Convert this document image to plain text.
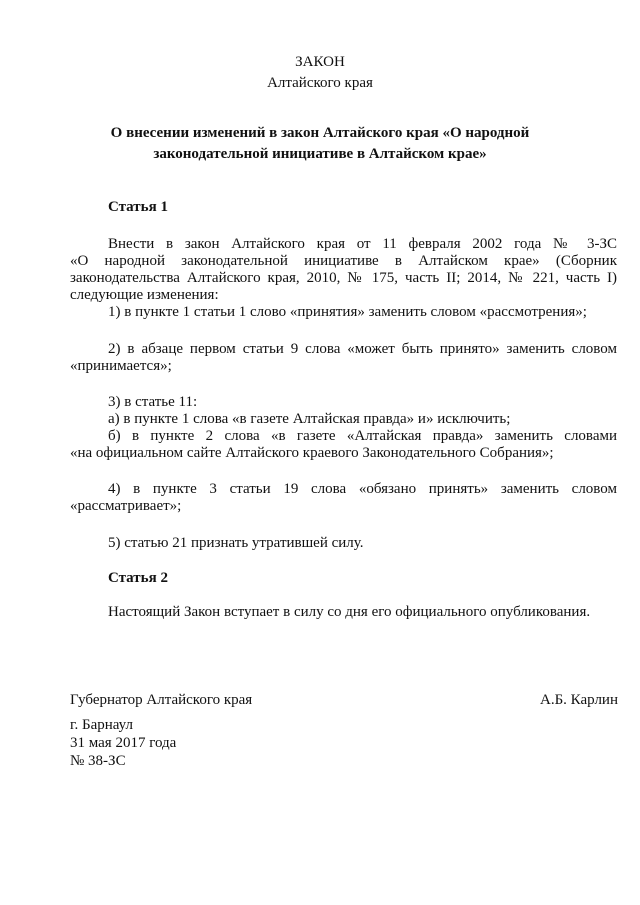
ЗАКОН
Алтайского края
О внесении изменений в закон Алтайского края «О народной
законодательной инициативе в Алтайском крае»
Статья 1
Внести в закон Алтайского края от 11 февраля 2002 года № 3-ЗС
«О народной законодательной инициативе в Алтайском крае» (Сборник
законодательства Алтайского края, 2010, № 175, часть II; 2014, № 221, часть I)
следующие изменения:
1) в пункте 1 статьи 1 слово «принятия» заменить словом «рассмотрения»;
2) в абзаце первом статьи 9 слова «может быть принято» заменить словом
«принимается»;
3) в статье 11:
а) в пункте 1 слова «в газете Алтайская правда» и» исключить;
б) в пункте 2 слова «в газете «Алтайская правда» заменить словами
«на официальном сайте Алтайского краевого Законодательного Собрания»;
4) в пункте 3 статьи 19 слова «обязано принять» заменить словом
«рассматривает»;
5) статью 21 признать утратившей силу.
Статья 2
Настоящий Закон вступает в силу со дня его официального опубликования.
Губернатор Алтайского края	А.Б. Карлин
г. Барнаул
31 мая 2017 года
№ 38-ЗС
